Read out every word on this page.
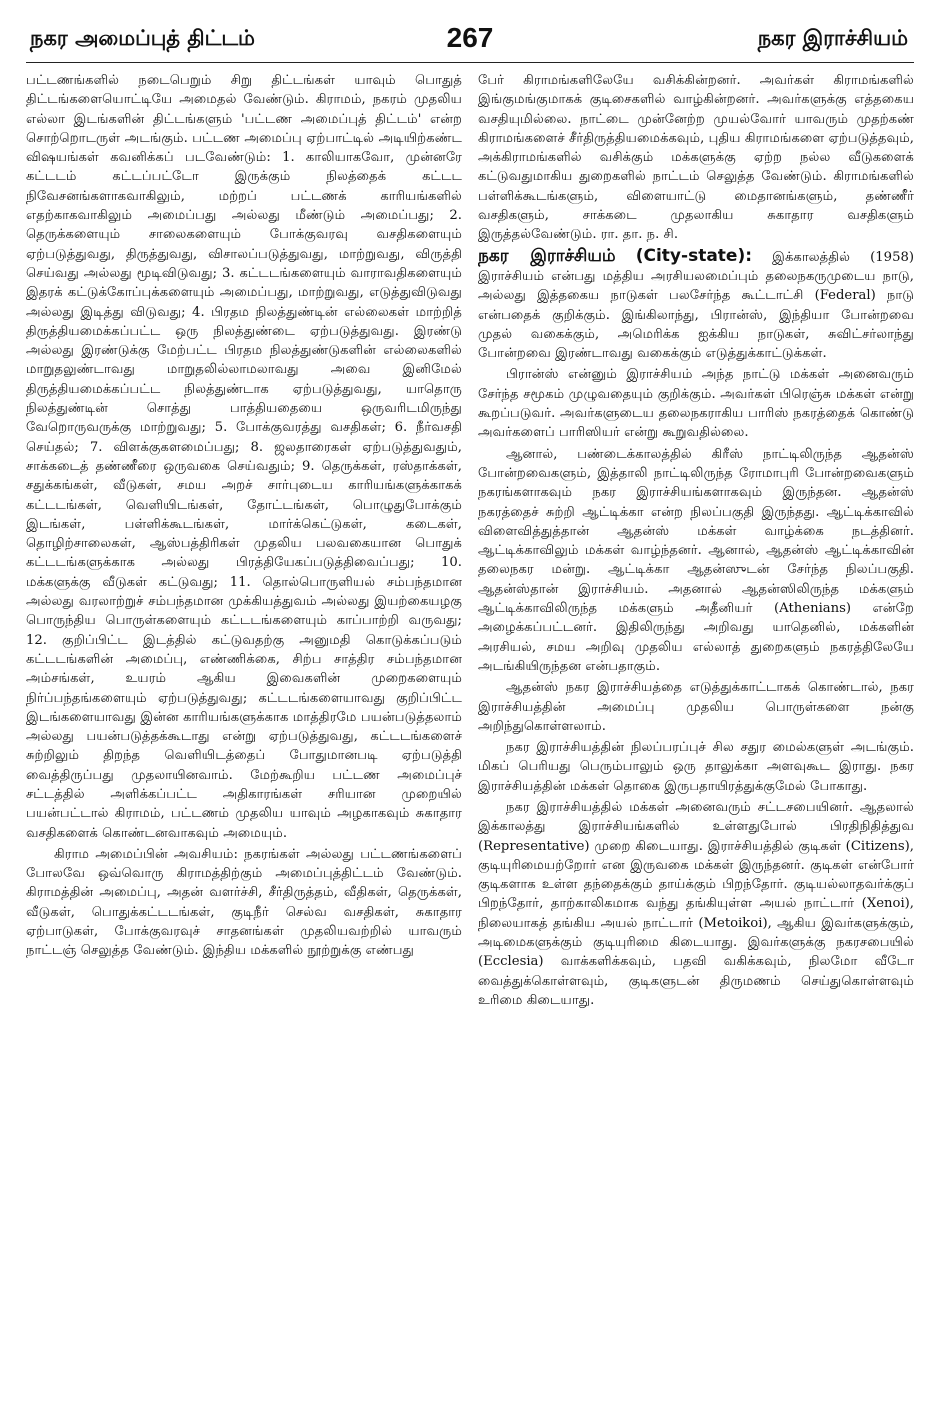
நகர அமைப்புத் திட்டம்	267	நகர இராச்சியம்

பட்டணங்களில் நடைபெறும் சிறு திட்டங்கள் யாவும் பொதுத் திட்டங்களையொட்டியே அமைதல் வேண்டும். கிராமம், நகரம் முதலிய எல்லா இடங்களின் திட்டங்களும் 'பட்டண அமைப்புத் திட்டம்' என்ற சொற்றொடருள் அடங்கும். பட்டண அமைப்பு ஏற்பாட்டில் அடியிற்கண்ட விஷயங்கள் கவனிக்கப் படவேண்டும்: 1. காலியாகவோ, முன்னரே கட்டடம் கட்டப்பட்டோ இருக்கும் நிலத்தைக் கட்டட நிவேசனங்களாகவாகிலும், மற்றப் பட்டணக் காரியங்களில் எதற்காகவாகிலும் அமைப்பது அல்லது மீண்டும் அமைப்பது; 2. தெருக்களையும் சாலைகளையும் போக்குவரவு வசதிகளையும் ஏற்படுத்துவது, திருத்துவது, விசாலப்படுத்துவது, மாற்றுவது, விருத்தி செய்வது அல்லது மூடிவிடுவது; 3. கட்டடங்களையும் வாராவதிகளையும் இதரக் கட்டுக்கோப்புக்களையும் அமைப்பது, மாற்றுவது, எடுத்துவிடுவது அல்லது இடித்து விடுவது; 4. பிரதம நிலத்துண்டின் எல்லைகள் மாற்றித் திருத்தியமைக்கப்பட்ட ஒரு நிலத்துண்டை ஏற்படுத்துவது. இரண்டு அல்லது இரண்டுக்கு மேற்பட்ட பிரதம நிலத்துண்டுகளின் எல்லைகளில் மாறுதலுண்டாவது மாறுதலில்லாமலாவது அவை இனிமேல் திருத்தியமைக்கப்பட்ட நிலத்துண்டாக ஏற்படுத்துவது, யாதொரு நிலத்துண்டின் சொத்து பாத்தியதையை ஒருவரிடமிருந்து வேறொருவருக்கு மாற்றுவது; 5. போக்குவரத்து வசதிகள்; 6. நீர்வசதி செய்தல்; 7. விளக்குகளமைப்பது; 8. ஜலதாரைகள் ஏற்படுத்துவதும், சாக்கடைத் தண்ணீரை ஒருவகை செய்வதும்; 9. தெருக்கள், ரஸ்தாக்கள், சதுக்கங்கள், வீடுகள், சமய அறச் சார்புடைய காரியங்களுக்காகக் கட்டடங்கள், வெளியிடங்கள், தோட்டங்கள், பொழுதுபோக்கும் இடங்கள், பள்ளிக்கூடங்கள், மார்க்கெட்டுகள், கடைகள், தொழிற்சாலைகள், ஆஸ்பத்திரிகள் முதலிய பலவகையான பொதுக் கட்டடங்களுக்காக அல்லது பிரத்தியேகப்படுத்திவைப்பது; 10. மக்களுக்கு வீடுகள் கட்டுவது; 11. தொல்பொருளியல் சம்பந்தமான அல்லது வரலாற்றுச் சம்பந்தமான முக்கியத்துவம் அல்லது இயற்கையழகு பொருந்திய பொருள்களையும் கட்டடங்களையும் காப்பாற்றி வருவது; 12. குறிப்பிட்ட இடத்தில் கட்டுவதற்கு அனுமதி கொடுக்கப்படும் கட்டடங்களின் அமைப்பு, எண்ணிக்கை, சிற்ப சாத்திர சம்பந்தமான அம்சங்கள், உயரம் ஆகிய இவைகளின் முறைகளையும் நிர்ப்பந்தங்களையும் ஏற்படுத்துவது; கட்டடங்களையாவது குறிப்பிட்ட இடங்களையாவது இன்ன காரியங்களுக்காக மாத்திரமே பயன்படுத்தலாம் அல்லது பயன்படுத்தக்கூடாது என்று ஏற்படுத்துவது, கட்டடங்களைச் சுற்றிலும் திறந்த வெளியிடத்தைப் போதுமானபடி ஏற்படுத்தி வைத்திருப்பது முதலாயினவாம். மேற்கூறிய பட்டண அமைப்புச் சட்டத்தில் அளிக்கப்பட்ட அதிகாரங்கள் சரியான முறையில் பயன்பட்டால் கிராமம், பட்டணம் முதலிய யாவும் அழகாகவும் சுகாதார வசதிகளைக் கொண்டனவாகவும் அமையும்.

கிராம அமைப்பின் அவசியம்: நகரங்கள் அல்லது பட்டணங்களைப் போலவே ஒவ்வொரு கிராமத்திற்கும் அமைப்புத்திட்டம் வேண்டும். கிராமத்தின் அமைப்பு, அதன் வளர்ச்சி, சீர்திருத்தம், வீதிகள், தெருக்கள், வீடுகள், பொதுக்கட்டடங்கள், குடிநீர் செல்வ வசதிகள், சுகாதார ஏற்பாடுகள், போக்குவரவுச் சாதனங்கள் முதலியவற்றில் யாவரும் நாட்டஞ் செலுத்த வேண்டும். இந்திய மக்களில் நூற்றுக்கு எண்பது

பேர் கிராமங்களிலேயே வசிக்கின்றனர். அவர்கள் கிராமங்களில் இங்குமங்குமாகக் குடிசைகளில் வாழ்கின்றனர். அவர்களுக்கு எத்தகைய வசதியுமில்லை. நாட்டை முன்னேற்ற முயல்வோர் யாவரும் முதற்கண் கிராமங்களைச் சீர்திருத்தியமைக்கவும், புதிய கிராமங்களை ஏற்படுத்தவும், அக்கிராமங்களில் வசிக்கும் மக்களுக்கு ஏற்ற நல்ல வீடுகளைக் கட்டுவதுமாகிய துறைகளில் நாட்டம் செலுத்த வேண்டும். கிராமங்களில் பள்ளிக்கூடங்களும், விளையாட்டு மைதானங்களும், தண்ணீர் வசதிகளும், சாக்கடை முதலாகிய சுகாதார வசதிகளும் இருத்தல்வேண்டும். ரா. தா. ந. சி.

நகர இராச்சியம் (City-state): இக்காலத்தில் (1958) இராச்சியம் என்பது மத்திய அரசியலமைப்பும் தலைநகருமுடைய நாடு, அல்லது இத்தகைய நாடுகள் பலசேர்ந்த கூட்டாட்சி (Federal) நாடு என்பதைக் குறிக்கும். இங்கிலாந்து, பிரான்ஸ், இந்தியா போன்றவை முதல் வகைக்கும், அமெரிக்க ஐக்கிய நாடுகள், சுவிட்சர்லாந்து போன்றவை இரண்டாவது வகைக்கும் எடுத்துக்காட்டுக்கள்.

பிரான்ஸ் என்னும் இராச்சியம் அந்த நாட்டு மக்கள் அனைவரும் சேர்ந்த சமூகம் முழுவதையும் குறிக்கும். அவர்கள் பிரெஞ்சு மக்கள் என்று கூறப்படுவர். அவர்களுடைய தலைநகராகிய பாரிஸ் நகரத்தைக் கொண்டு அவர்களைப் பாரிஸியர் என்று கூறுவதில்லை.

ஆனால், பண்டைக்காலத்தில் கிரீஸ் நாட்டிலிருந்த ஆதன்ஸ் போன்றவைகளும், இத்தாலி நாட்டிலிருந்த ரோமாபுரி போன்றவைகளும் நகரங்களாகவும் நகர இராச்சியங்களாகவும் இருந்தன. ஆதன்ஸ் நகரத்தைச் சுற்றி ஆட்டிக்கா என்ற நிலப்பகுதி இருந்தது. ஆட்டிக்காவில் விளைவித்துத்தான் ஆதன்ஸ் மக்கள் வாழ்க்கை நடத்தினர். ஆட்டிக்காவிலும் மக்கள் வாழ்ந்தனர். ஆனால், ஆதன்ஸ் ஆட்டிக்காவின் தலைநகர மன்று. ஆட்டிக்கா ஆதன்ஸுடன் சேர்ந்த நிலப்பகுதி. ஆதன்ஸ்தான் இராச்சியம். அதனால் ஆதன்ஸிலிருந்த மக்களும் ஆட்டிக்காவிலிருந்த மக்களும் அதீனியர் (Athenians) என்றே அழைக்கப்பட்டனர். இதிலிருந்து அறிவது யாதெனில், மக்களின் அரசியல், சமய அறிவு முதலிய எல்லாத் துறைகளும் நகரத்திலேயே அடங்கியிருந்தன என்பதாகும்.

ஆதன்ஸ் நகர இராச்சியத்தை எடுத்துக்காட்டாகக் கொண்டால், நகர இராச்சியத்தின் அமைப்பு முதலிய பொருள்களை நன்கு அறிந்துகொள்ளலாம்.

நகர இராச்சியத்தின் நிலப்பரப்புச் சில சதுர மைல்களுள் அடங்கும். மிகப் பெரியது பெரும்பாலும் ஒரு தாலுக்கா அளவுகூட இராது. நகர இராச்சியத்தின் மக்கள் தொகை இருபதாயிரத்துக்குமேல் போகாது.

நகர இராச்சியத்தில் மக்கள் அனைவரும் சட்டசபையினர். ஆதலால் இக்காலத்து இராச்சியங்களில் உள்ளதுபோல் பிரதிநிதித்துவ (Representative) முறை கிடையாது. இராச்சியத்தில் குடிகள் (Citizens), குடியுரிமையற்றோர் என இருவகை மக்கள் இருந்தனர். குடிகள் என்போர் குடிகளாக உள்ள தந்தைக்கும் தாய்க்கும் பிறந்தோர். குடியல்லாதவர்க்குப் பிறந்தோர், தாற்காலிகமாக வந்து தங்கியுள்ள அயல் நாட்டார் (Xenoi), நிலையாகத் தங்கிய அயல் நாட்டார் (Metoikoi), ஆகிய இவர்களுக்கும், அடிமைகளுக்கும் குடியுரிமை கிடையாது. இவர்களுக்கு நகரசபையில் (Ecclesia) வாக்களிக்கவும், பதவி வகிக்கவும், நிலமோ வீடோ வைத்துக்கொள்ளவும், குடிகளுடன் திருமணம் செய்துகொள்ளவும் உரிமை கிடையாது.
